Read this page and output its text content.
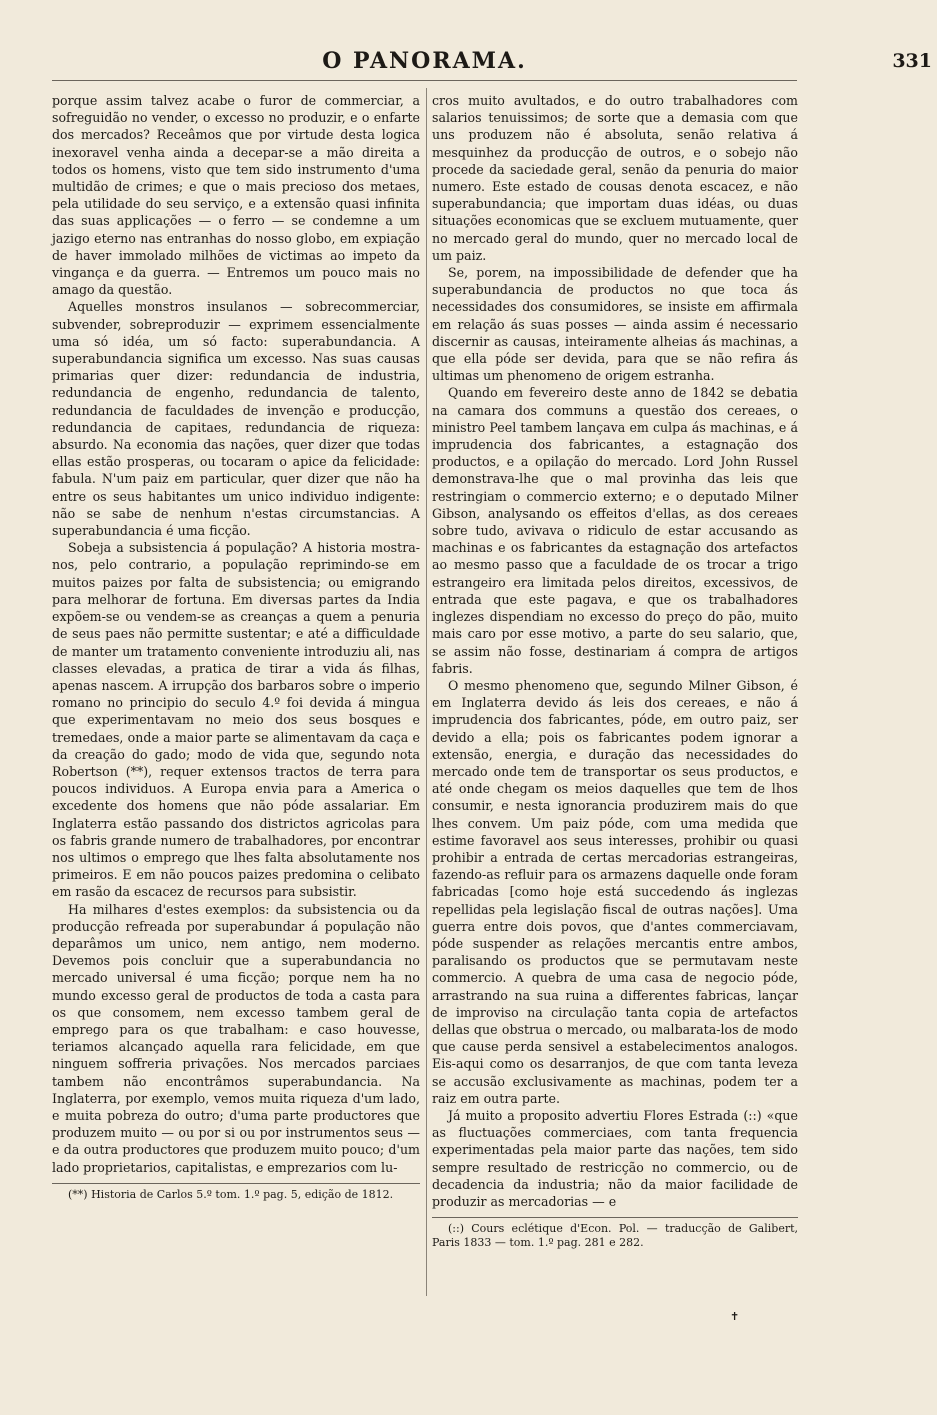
O PANORAMA.	331

porque assim talvez acabe o furor de commerciar, a sofreguidão no vender, o excesso no produzir, e o enfarte dos mercados? Receâmos que por virtude desta logica inexoravel venha ainda a decepar-se a mão direita a todos os homens, visto que tem sido instrumento d'uma multidão de crimes; e que o mais precioso dos metaes, pela utilidade do seu serviço, e a extensão quasi infinita das suas applicações — o ferro — se condemne a um jazigo eterno nas entranhas do nosso globo, em expiação de haver immolado milhões de victimas ao impeto da vingança e da guerra. — Entremos um pouco mais no amago da questão.

Aquelles monstros insulanos — sobrecommerciar, subvender, sobreproduzir — exprimem essencialmente uma só idéa, um só facto: superabundancia. A superabundancia significa um excesso. Nas suas causas primarias quer dizer: redundancia de industria, redundancia de engenho, redundancia de talento, redundancia de faculdades de invenção e producção, redundancia de capitaes, redundancia de riqueza: absurdo. Na economia das nações, quer dizer que todas ellas estão prosperas, ou tocaram o apice da felicidade: fabula. N'um paiz em particular, quer dizer que não ha entre os seus habitantes um unico individuo indigente: não se sabe de nenhum n'estas circumstancias. A superabundancia é uma ficção.

Sobeja a subsistencia á população? A historia mostra-nos, pelo contrario, a população reprimindo-se em muitos paizes por falta de subsistencia; ou emigrando para melhorar de fortuna. Em diversas partes da India expõem-se ou vendem-se as creanças a quem a penuria de seus paes não permitte sustentar; e até a difficuldade de manter um tratamento conveniente introduziu ali, nas classes elevadas, a pratica de tirar a vida ás filhas, apenas nascem. A irrupção dos barbaros sobre o imperio romano no principio do seculo 4.º foi devida á mingua que experimentavam no meio dos seus bosques e tremedaes, onde a maior parte se alimentavam da caça e da creação do gado; modo de vida que, segundo nota Robertson (**), requer extensos tractos de terra para poucos individuos. A Europa envia para a America o excedente dos homens que não póde assalariar. Em Inglaterra estão passando dos districtos agricolas para os fabris grande numero de trabalhadores, por encontrar nos ultimos o emprego que lhes falta absolutamente nos primeiros. E em não poucos paizes predomina o celibato em rasão da escacez de recursos para subsistir.

Ha milhares d'estes exemplos: da subsistencia ou da producção refreada por superabundar á população não deparâmos um unico, nem antigo, nem moderno. Devemos pois concluir que a superabundancia no mercado universal é uma ficção; porque nem ha no mundo excesso geral de productos de toda a casta para os que consomem, nem excesso tambem geral de emprego para os que trabalham: e caso houvesse, teriamos alcançado aquella rara felicidade, em que ninguem soffreria privações. Nos mercados parciaes tambem não encontrâmos superabundancia. Na Inglaterra, por exemplo, vemos muita riqueza d'um lado, e muita pobreza do outro; d'uma parte productores que produzem muito — ou por si ou por instrumentos seus — e da outra productores que produzem muito pouco; d'um lado proprietarios, capitalistas, e emprezarios com lu-

(**) Historia de Carlos 5.º tom. 1.º pag. 5, edição de 1812.

cros muito avultados, e do outro trabalhadores com salarios tenuissimos; de sorte que a demasia com que uns produzem não é absoluta, senão relativa á mesquinhez da producção de outros, e o sobejo não procede da saciedade geral, senão da penuria do maior numero. Este estado de cousas denota escacez, e não superabundancia; que importam duas idéas, ou duas situações economicas que se excluem mutuamente, quer no mercado geral do mundo, quer no mercado local de um paiz.

Se, porem, na impossibilidade de defender que ha superabundancia de productos no que toca ás necessidades dos consumidores, se insiste em affirmala em relação ás suas posses — ainda assim é necessario discernir as causas, inteiramente alheias ás machinas, a que ella póde ser devida, para que se não refira ás ultimas um phenomeno de origem estranha.

Quando em fevereiro deste anno de 1842 se debatia na camara dos communs a questão dos cereaes, o ministro Peel tambem lançava em culpa ás machinas, e á imprudencia dos fabricantes, a estagnação dos productos, e a opilação do mercado. Lord John Russel demonstrava-lhe que o mal provinha das leis que restringiam o commercio externo; e o deputado Milner Gibson, analysando os effeitos d'ellas, as dos cereaes sobre tudo, avivava o ridiculo de estar accusando as machinas e os fabricantes da estagnação dos artefactos ao mesmo passo que a faculdade de os trocar a trigo estrangeiro era limitada pelos direitos, excessivos, de entrada que este pagava, e que os trabalhadores inglezes dispendiam no excesso do preço do pão, muito mais caro por esse motivo, a parte do seu salario, que, se assim não fosse, destinariam á compra de artigos fabris.

O mesmo phenomeno que, segundo Milner Gibson, é em Inglaterra devido ás leis dos cereaes, e não á imprudencia dos fabricantes, póde, em outro paiz, ser devido a ella; pois os fabricantes podem ignorar a extensão, energia, e duração das necessidades do mercado onde tem de transportar os seus productos, e até onde chegam os meios daquelles que tem de lhos consumir, e nesta ignorancia produzirem mais do que lhes convem. Um paiz póde, com uma medida que estime favoravel aos seus interesses, prohibir ou quasi prohibir a entrada de certas mercadorias estrangeiras, fazendo-as refluir para os armazens daquelle onde foram fabricadas [como hoje está succedendo ás inglezas repellidas pela legislação fiscal de outras nações]. Uma guerra entre dois povos, que d'antes commerciavam, póde suspender as relações mercantis entre ambos, paralisando os productos que se permutavam neste commercio. A quebra de uma casa de negocio póde, arrastrando na sua ruina a differentes fabricas, lançar de improviso na circulação tanta copia de artefactos dellas que obstrua o mercado, ou malbarata-los de modo que cause perda sensivel a estabelecimentos analogos. Eis-aqui como os desarranjos, de que com tanta leveza se accusão exclusivamente as machinas, podem ter a raiz em outra parte.

Já muito a proposito advertiu Flores Estrada (::) «que as fluctuações commerciaes, com tanta frequencia experimentadas pela maior parte das nações, tem sido sempre resultado de restricção no commercio, ou de decadencia da industria; não da maior facilidade de produzir as mercadorias — e

(::) Cours eclétique d'Econ. Pol. — traducção de Galibert, Paris 1833 — tom. 1.º pag. 281 e 282.

✝
